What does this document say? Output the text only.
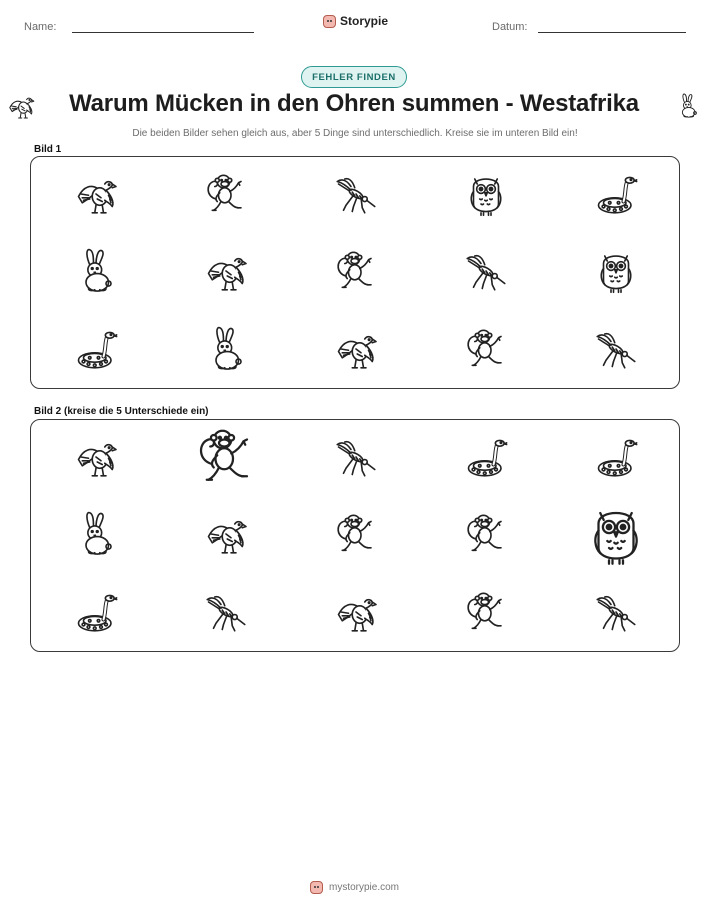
Name:	Storypie	Datum:
FEHLER FINDEN
Warum Mücken in den Ohren summen - Westafrika
Die beiden Bilder sehen gleich aus, aber 5 Dinge sind unterschiedlich. Kreise sie im unteren Bild ein!
Bild 1
Bild 2 (kreise die 5 Unterschiede ein)
mystorypie.com
